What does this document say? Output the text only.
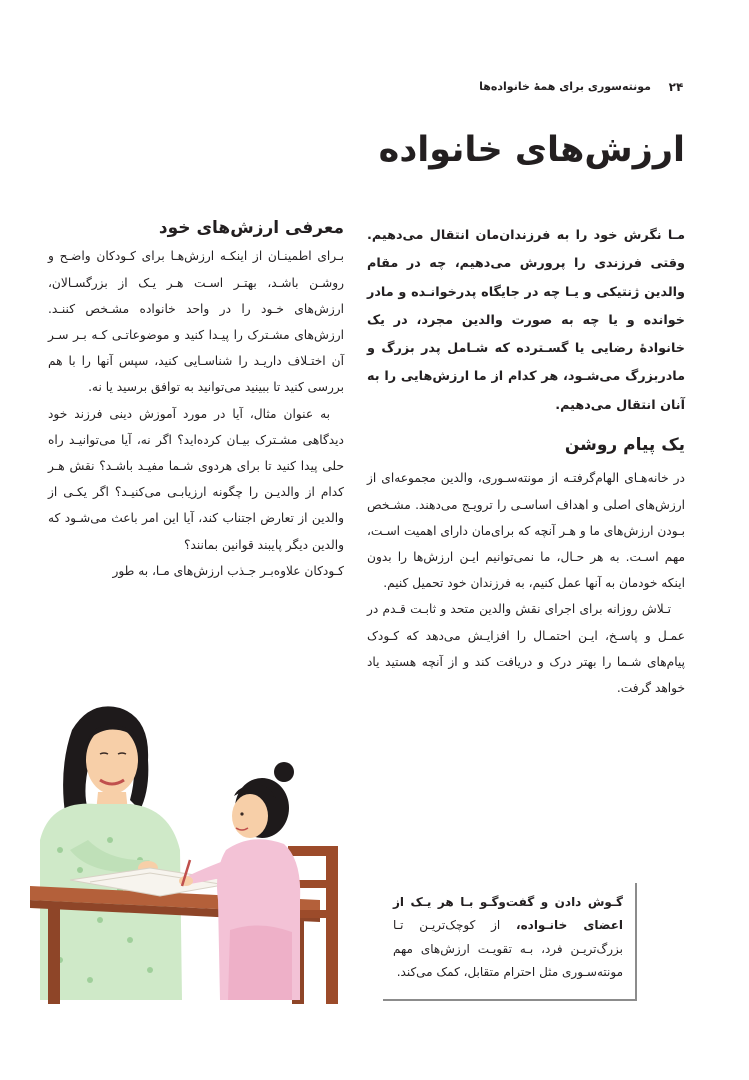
۲۴
مونته‌سوری برای همهٔ خانواده‌ها
ارزش‌های خانواده

مـا نگرش خود را به فرزندان‌مان انتقال می‌دهیم. وقتی فرزندی را پرورش می‌دهیم، چه در مقام والدین ژنتیکی و یـا چه در جایگاه پدرخوانـده و مادر خوانده و یا چه به صورت والدین مجرد، در یک خانوادهٔ رضایی یا گسـترده که شـامل پدر بزرگ و مادربزرگ می‌شـود، هر کدام از ما ارزش‌هایی را به آنان انتقال می‌دهیم.

یک پیام روشن

در خانه‌هـای الهام‌گرفتـه از مونته‌سـوری، والدین مجموعه‌ای از ارزش‌های اصلی و اهداف اساسـی را ترویـج می‌دهند. مشـخص بـودن ارزش‌های ما و هـر آنچه که برای‌مان دارای اهمیت اسـت، مهم اسـت. به هر حـال، ما نمی‌توانیم ایـن ارزش‌ها را بدون اینکه خودمان به آنها عمل کنیم، به فرزندان خود تحمیل کنیم.

تـلاش روزانه برای اجرای نقش والدین متحد و ثابـت قـدم در عمـل و پاسـخ، ایـن احتمـال را افزایـش می‌دهد که کـودک پیام‌های شـما را بهتر درک و دریافت کند و از آنچه هستید یاد خواهد گرفت.

معرفی ارزش‌های خود

بـرای اطمینـان از اینکـه ارزش‌هـا برای کـودکان واضـح و روشـن باشـد، بهتـر اسـت هـر یـک از بزرگسـالان، ارزش‌های خـود را در واحد خانواده مشـخص کننـد. ارزش‌های مشـترک را پیـدا کنید و موضوعاتـی کـه بـر سـر آن اختـلاف داریـد را شناسـایی کنید، سپس آنها را با هم بررسی کنید تا ببینید می‌توانید به توافق برسید یا نه.

به عنوان مثال، آیا در مورد آموزش دینی فرزند خود دیدگاهی مشـترک بیـان کرده‌اید؟ اگر نه، آیا می‌توانیـد راه حلی پیدا کنید تا برای هردوی شـما مفیـد باشـد؟ نقش هـر کدام از والدیـن را چگونه ارزیابـی می‌کنیـد؟ اگر یکـی از والدین از تعارض اجتناب کند، آیا این امر باعث می‌شـود که والدین دیگر پایبند قوانین بمانند؟

کـودکان علاوه‌بـر جـذب ارزش‌های مـا، به طور

گـوش دادن و گفت‌وگـو بـا هر یـک از اعضای خانـواده، از کوچک‌تریـن تـا بزرگ‌تریـن فرد، بـه تقویـت ارزش‌های مهم مونته‌سـوری مثل احترام متقابل، کمک می‌کند.
